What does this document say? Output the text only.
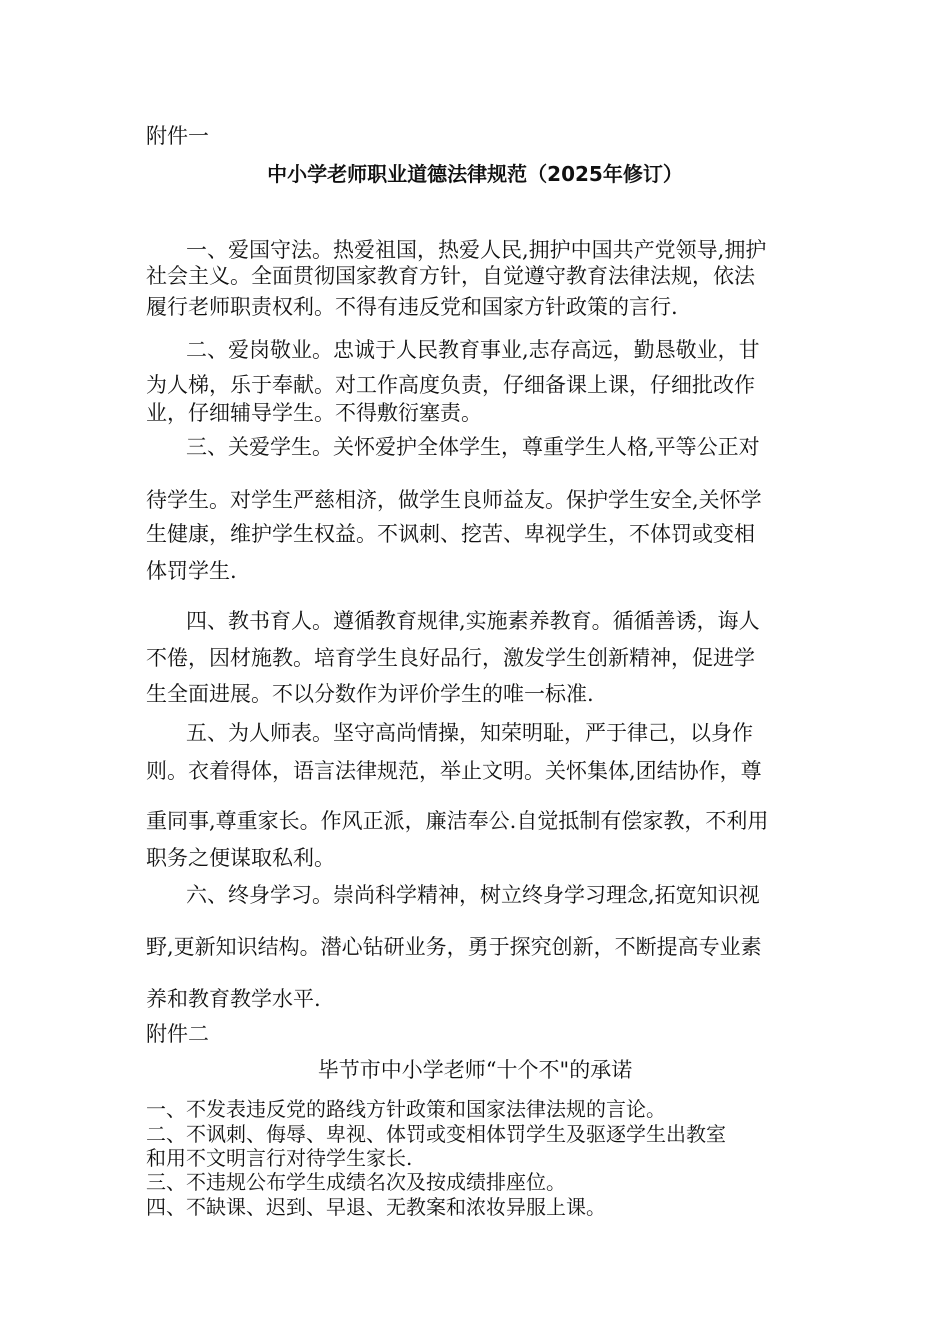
附件一
中小学老师职业道德法律规范（2025年修订）
一、爱国守法。热爱祖国，热爱人民,拥护中国共产党领导,拥护
社会主义。全面贯彻国家教育方针，自觉遵守教育法律法规，依法
履行老师职责权利。不得有违反党和国家方针政策的言行.
二、爱岗敬业。忠诚于人民教育事业,志存高远，勤恳敬业，甘
为人梯，乐于奉献。对工作高度负责，仔细备课上课，仔细批改作
业，仔细辅导学生。不得敷衍塞责。
三、关爱学生。关怀爱护全体学生，尊重学生人格,平等公正对
待学生。对学生严慈相济，做学生良师益友。保护学生安全,关怀学
生健康，维护学生权益。不讽刺、挖苦、卑视学生，不体罚或变相
体罚学生.
四、教书育人。遵循教育规律,实施素养教育。循循善诱，诲人
不倦，因材施教。培育学生良好品行，激发学生创新精神，促进学
生全面进展。不以分数作为评价学生的唯一标准.
五、为人师表。坚守高尚情操，知荣明耻，严于律己，以身作
则。衣着得体，语言法律规范，举止文明。关怀集体,团结协作，尊
重同事,尊重家长。作风正派，廉洁奉公.自觉抵制有偿家教，不利用
职务之便谋取私利。
六、终身学习。崇尚科学精神，树立终身学习理念,拓宽知识视
野,更新知识结构。潜心钻研业务，勇于探究创新，不断提高专业素
养和教育教学水平.
附件二
毕节市中小学老师“十个不"的承诺
一、不发表违反党的路线方针政策和国家法律法规的言论。
二、不讽刺、侮辱、卑视、体罚或变相体罚学生及驱逐学生出教室
和用不文明言行对待学生家长.
三、不违规公布学生成绩名次及按成绩排座位。
四、不缺课、迟到、早退、无教案和浓妆异服上课。
